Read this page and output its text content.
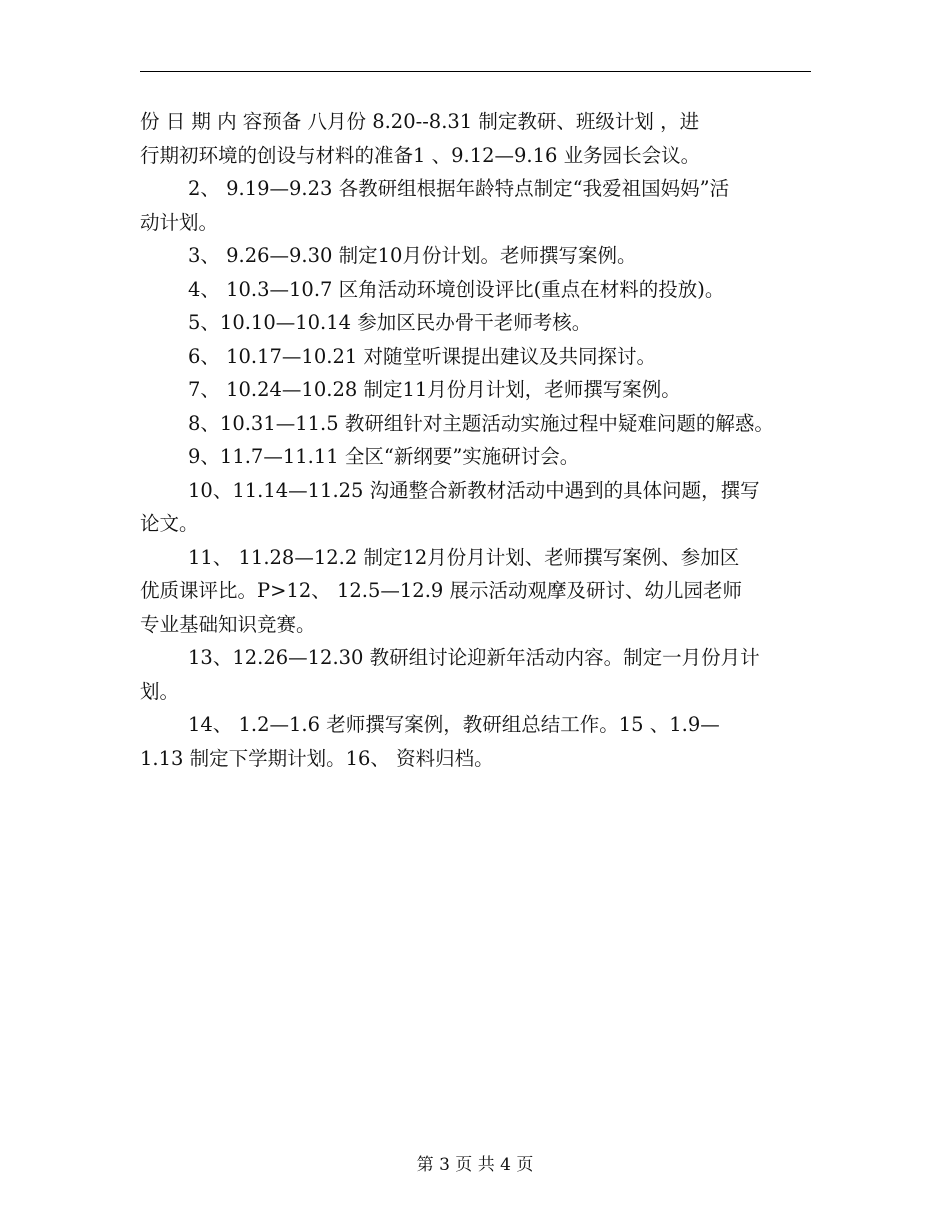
份 日 期 内 容预备 八月份 8.20--8.31 制定教研、班级计划 ，进
行期初环境的创设与材料的准备1 、9.12—9.16 业务园长会议。
2、 9.19—9.23 各教研组根据年龄特点制定“我爱祖国妈妈”活
动计划。
3、 9.26—9.30 制定10月份计划。老师撰写案例。
4、 10.3—10.7 区角活动环境创设评比(重点在材料的投放)。
5、10.10—10.14 参加区民办骨干老师考核。
6、 10.17—10.21 对随堂听课提出建议及共同探讨。
7、 10.24—10.28 制定11月份月计划，老师撰写案例。
8、10.31—11.5 教研组针对主题活动实施过程中疑难问题的解惑。
9、11.7—11.11 全区“新纲要”实施研讨会。
10、11.14—11.25 沟通整合新教材活动中遇到的具体问题，撰写
论文。
11、 11.28—12.2 制定12月份月计划、老师撰写案例、参加区
优质课评比。P>12、 12.5—12.9 展示活动观摩及研讨、幼儿园老师
专业基础知识竞赛。
13、12.26—12.30 教研组讨论迎新年活动内容。制定一月份月计
划。
14、 1.2—1.6 老师撰写案例，教研组总结工作。15 、1.9—
1.13 制定下学期计划。16、 资料归档。
第 3 页 共 4 页
